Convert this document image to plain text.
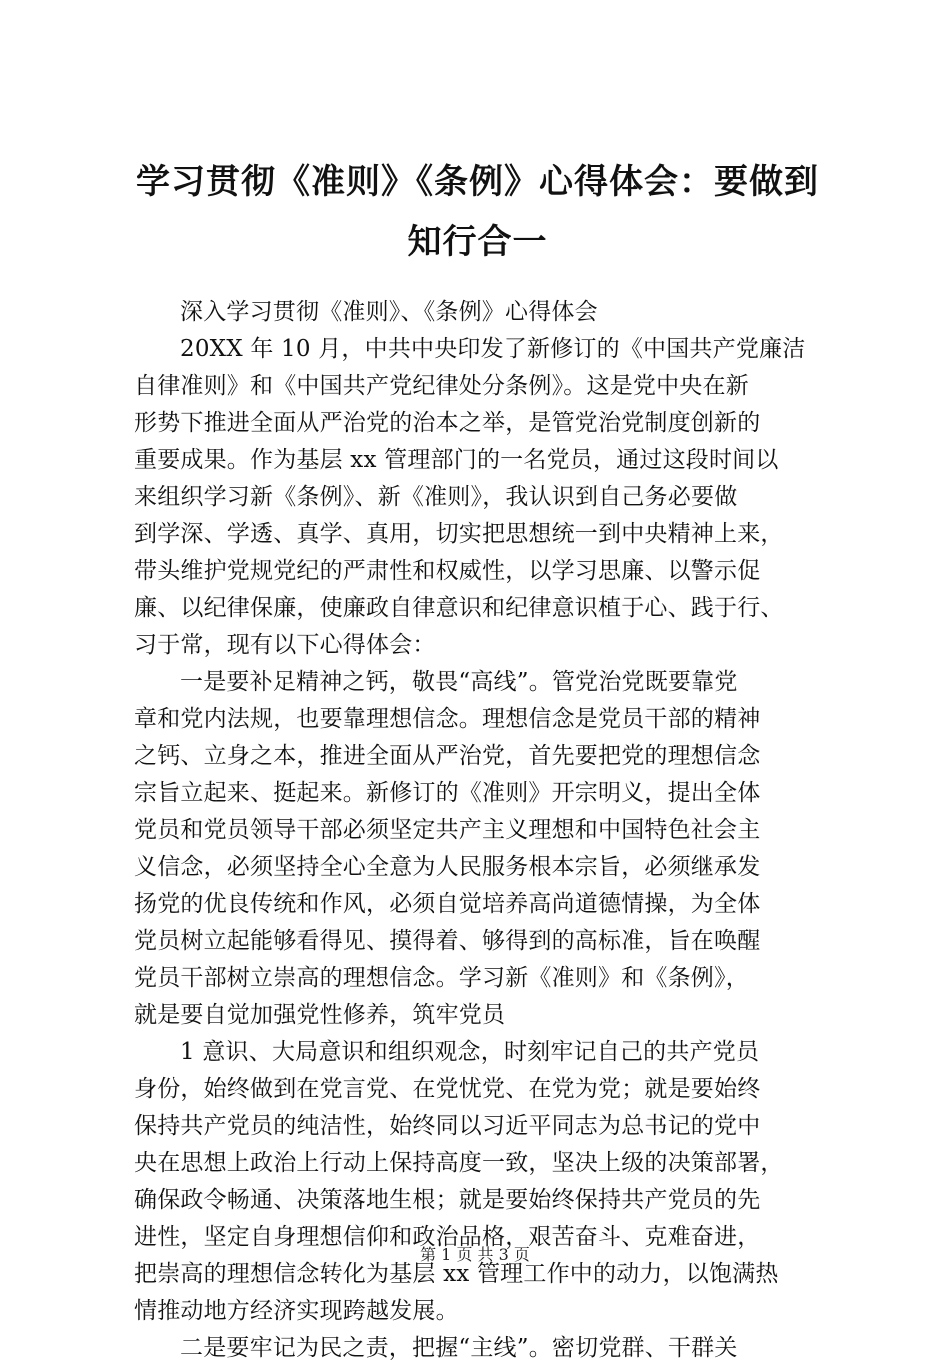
学习贯彻《准则》《条例》心得体会：要做到
知行合一
深入学习贯彻《准则》、《条例》心得体会
20XX 年 10 月，中共中央印发了新修订的《中国共产党廉洁
自律准则》和《中国共产党纪律处分条例》。这是党中央在新
形势下推进全面从严治党的治本之举，是管党治党制度创新的
重要成果。作为基层 xx 管理部门的一名党员，通过这段时间以
来组织学习新《条例》、新《准则》，我认识到自己务必要做
到学深、学透、真学、真用，切实把思想统一到中央精神上来，
带头维护党规党纪的严肃性和权威性，以学习思廉、以警示促
廉、以纪律保廉，使廉政自律意识和纪律意识植于心、践于行、
习于常，现有以下心得体会：
一是要补足精神之钙，敬畏“高线”。管党治党既要靠党
章和党内法规，也要靠理想信念。理想信念是党员干部的精神
之钙、立身之本，推进全面从严治党，首先要把党的理想信念
宗旨立起来、挺起来。新修订的《准则》开宗明义，提出全体
党员和党员领导干部必须坚定共产主义理想和中国特色社会主
义信念，必须坚持全心全意为人民服务根本宗旨，必须继承发
扬党的优良传统和作风，必须自觉培养高尚道德情操，为全体
党员树立起能够看得见、摸得着、够得到的高标准，旨在唤醒
党员干部树立崇高的理想信念。学习新《准则》和《条例》，
就是要自觉加强党性修养，筑牢党员
1 意识、大局意识和组织观念，时刻牢记自己的共产党员
身份，始终做到在党言党、在党忧党、在党为党；就是要始终
保持共产党员的纯洁性，始终同以习近平同志为总书记的党中
央在思想上政治上行动上保持高度一致，坚决上级的决策部署，
确保政令畅通、决策落地生根；就是要始终保持共产党员的先
进性，坚定自身理想信仰和政治品格，艰苦奋斗、克难奋进，
把崇高的理想信念转化为基层 xx 管理工作中的动力，以饱满热
情推动地方经济实现跨越发展。
二是要牢记为民之责，把握“主线”。密切党群、干群关
第 1 页 共 3 页
